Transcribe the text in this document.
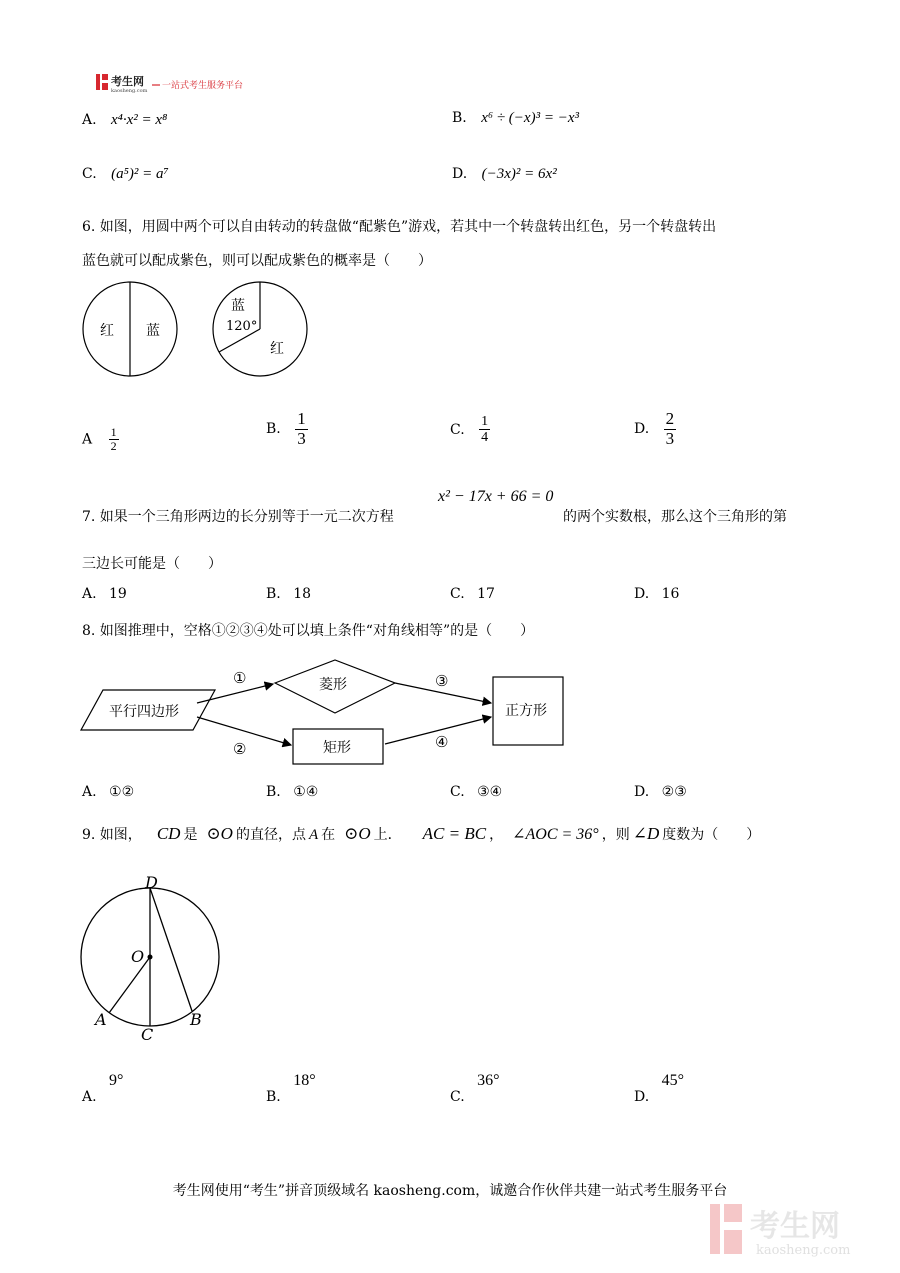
考生网
kaosheng.com 一站式考生服务平台
A. x⁴·x² = x⁸	B. x⁶ ÷ (−x)³ = −x³
C. (a⁵)² = a⁷	D. (−3x)² = 6x²
6. 如图，用圆中两个可以自由转动的转盘做“配紫色”游戏，若其中一个转盘转出红色，另一个转盘转出
蓝色就可以配成紫色，则可以配成紫色的概率是（　　）
红 蓝
蓝
120°
红
A $\frac{1}{2}$	B. $\frac{1}{3}$	C. $\frac{1}{4}$	D. $\frac{2}{3}$
7. 如果一个三角形两边的长分别等于一元二次方程
x² − 17x + 66 = 0
的两个实数根，那么这个三角形的第
三边长可能是（　　）
A. 19	B. 18	C. 17	D. 16
8. 如图推理中，空格①②③④处可以填上条件“对角线相等”的是（　　）
平行四边形
菱形
矩形
正方形
①
②
③
④
A. ①②	B. ①④	C. ③④	D. ②③
9. 如图， CD 是 ⊙O 的直径，点 A 在 ⊙O 上． AC = BC ， ∠AOC = 36° ，则 ∠D 度数为（　　）
D
O
A	B
C
A. 9°
B. 18°
C. 36°
D. 45°
考生网使用“考生”拼音顶级域名 kaosheng.com，诚邀合作伙伴共建一站式考生服务平台
考生网
kaosheng.com
